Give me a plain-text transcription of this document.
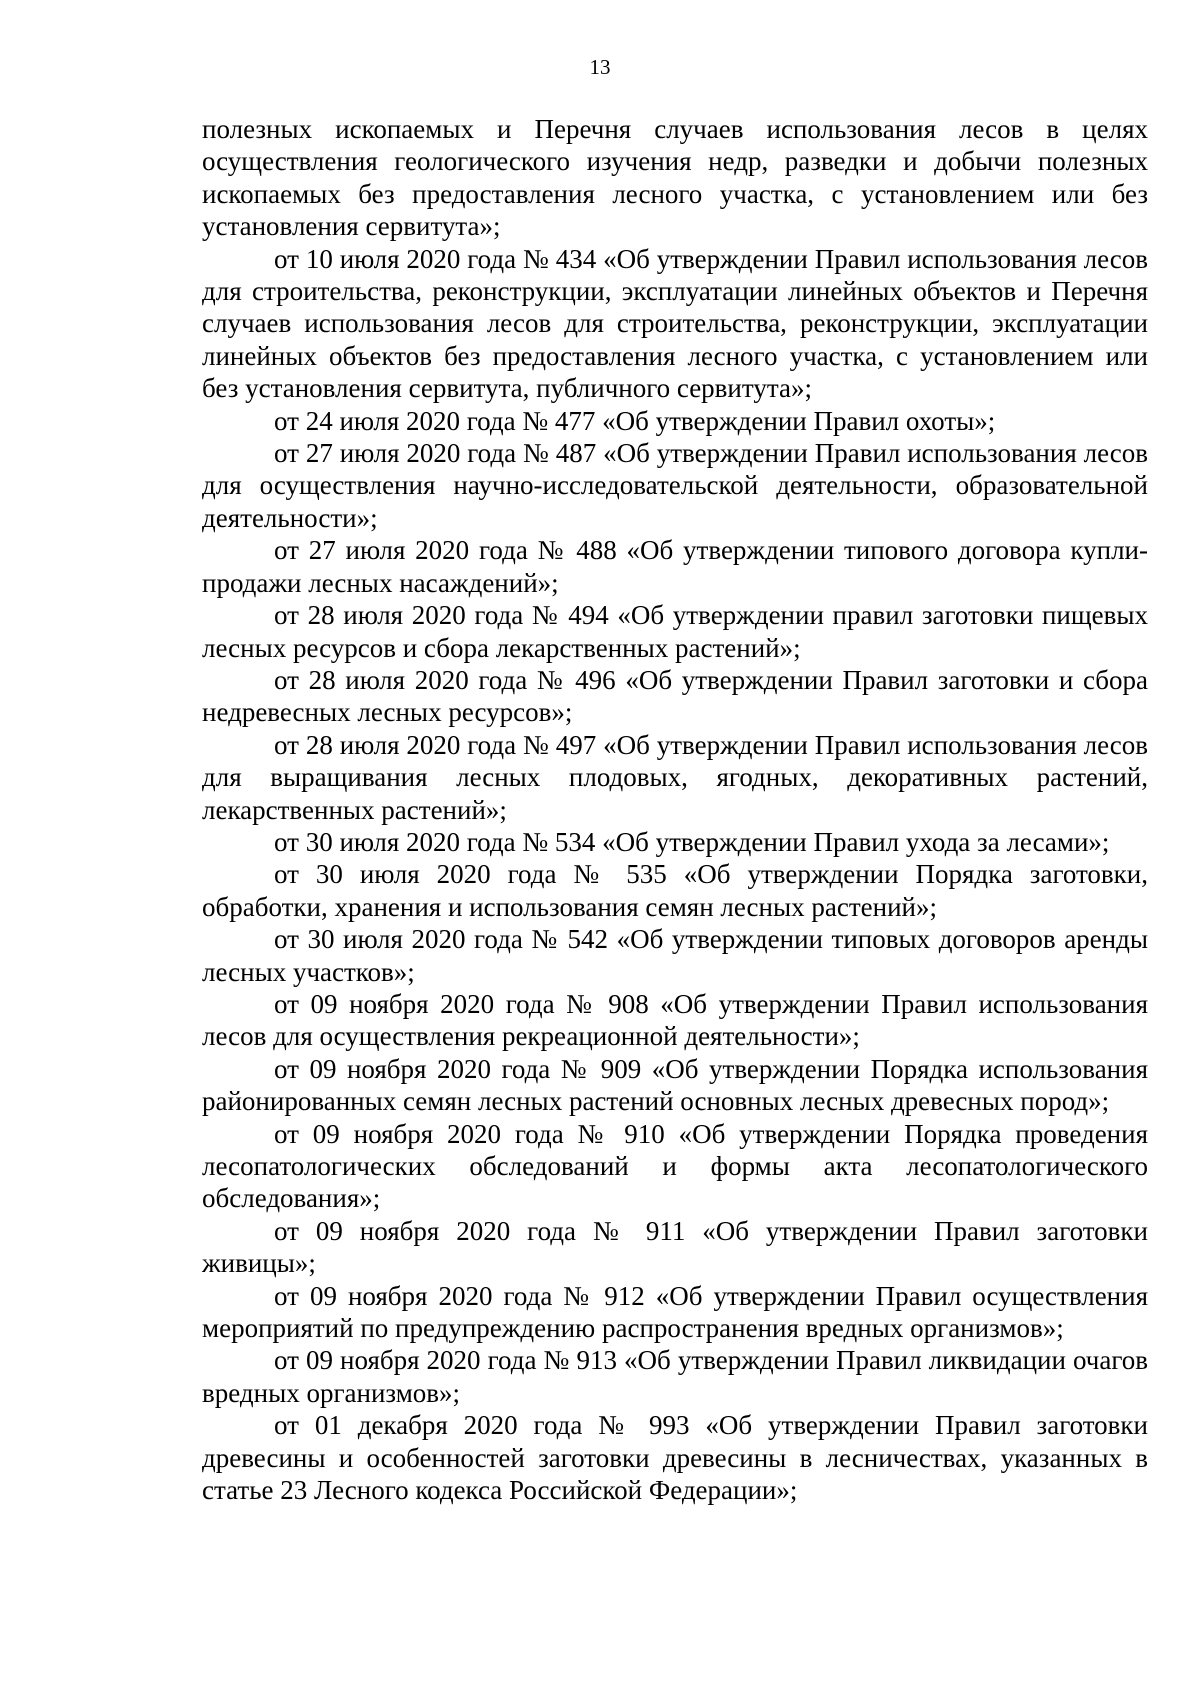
13

полезных ископаемых и Перечня случаев использования лесов в целях осуществления геологического изучения недр, разведки и добычи полезных ископаемых без предоставления лесного участка, с установлением или без установления сервитута»;

от 10 июля 2020 года № 434 «Об утверждении Правил использования лесов для строительства, реконструкции, эксплуатации линейных объектов и Перечня случаев использования лесов для строительства, реконструкции, эксплуатации линейных объектов без предоставления лесного участка, с установлением или без установления сервитута, публичного сервитута»;

от 24 июля 2020 года № 477 «Об утверждении Правил охоты»;

от 27 июля 2020 года № 487 «Об утверждении Правил использования лесов для осуществления научно-исследовательской деятельности, образовательной деятельности»;

от 27 июля 2020 года № 488 «Об утверждении типового договора купли-продажи лесных насаждений»;

от 28 июля 2020 года № 494 «Об утверждении правил заготовки пищевых лесных ресурсов и сбора лекарственных растений»;

от 28 июля 2020 года № 496 «Об утверждении Правил заготовки и сбора недревесных лесных ресурсов»;

от 28 июля 2020 года № 497 «Об утверждении Правил использования лесов для выращивания лесных плодовых, ягодных, декоративных растений, лекарственных растений»;

от 30 июля 2020 года № 534 «Об утверждении Правил ухода за лесами»;

от 30 июля 2020 года № 535 «Об утверждении Порядка заготовки, обработки, хранения и использования семян лесных растений»;

от 30 июля 2020 года № 542 «Об утверждении типовых договоров аренды лесных участков»;

от 09 ноября 2020 года № 908 «Об утверждении Правил использования лесов для осуществления рекреационной деятельности»;

от 09 ноября 2020 года № 909 «Об утверждении Порядка использования районированных семян лесных растений основных лесных древесных пород»;

от 09 ноября 2020 года № 910 «Об утверждении Порядка проведения лесопатологических обследований и формы акта лесопатологического обследования»;

от 09 ноября 2020 года № 911 «Об утверждении Правил заготовки живицы»;

от 09 ноября 2020 года № 912 «Об утверждении Правил осуществления мероприятий по предупреждению распространения вредных организмов»;

от 09 ноября 2020 года № 913 «Об утверждении Правил ликвидации очагов вредных организмов»;

от 01 декабря 2020 года № 993 «Об утверждении Правил заготовки древесины и особенностей заготовки древесины в лесничествах, указанных в статье 23 Лесного кодекса Российской Федерации»;
